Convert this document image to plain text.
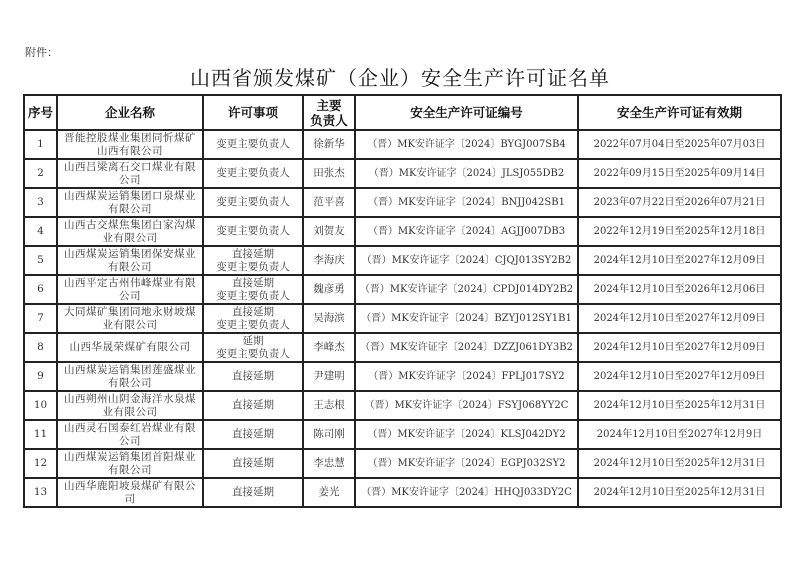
附件：
山西省颁发煤矿（企业）安全生产许可证名单
序号	企业名称	许可事项	主要
负责人	安全生产许可证编号	安全生产许可证有效期
1	晋能控股煤业集团同忻煤矿
山西有限公司	变更主要负责人	徐新华	（晋）MK安许证字〔2024〕BYGJ007SB4	2022年07月04日至2025年07月03日
2	山西吕梁离石交口煤业有限
公司	变更主要负责人	田张杰	（晋）MK安许证字〔2024〕JLSJ055DB2	2022年09月15日至2025年09月14日
3	山西煤炭运销集团口泉煤业
有限公司	变更主要负责人	范平喜	（晋）MK安许证字〔2024〕BNJJ042SB1	2023年07月22日至2026年07月21日
4	山西古交煤焦集团白家沟煤
业有限公司	变更主要负责人	刘贺友	（晋）MK安许证字〔2024〕AGJJ007DB3	2022年12月19日至2025年12月18日
5	山西煤炭运销集团保安煤业
有限公司	直接延期
变更主要负责人	李海庆	（晋）MK安许证字〔2024〕CJQJ013SY2B2	2024年12月10日至2027年12月09日
6	山西平定古州伟峰煤业有限
公司	直接延期
变更主要负责人	魏彦勇	（晋）MK安许证字〔2024〕CPDJ014DY2B2	2024年12月10日至2026年12月06日
7	大同煤矿集团同地永财坡煤
业有限公司	直接延期
变更主要负责人	吴海滨	（晋）MK安许证字〔2024〕BZYJ012SY1B1	2024年12月10日至2027年12月09日
8	山西华晟荣煤矿有限公司	延期
变更主要负责人	李峰杰	（晋）MK安许证字〔2024〕DZZJ061DY3B2	2024年12月10日至2027年12月09日
9	山西煤炭运销集团莲盛煤业
有限公司	直接延期	尹建明	（晋）MK安许证字〔2024〕FPLJ017SY2	2024年12月10日至2027年12月09日
10	山西朔州山阴金海洋水泉煤
业有限公司	直接延期	王志根	（晋）MK安许证字〔2024〕FSYJ068YY2C	2024年12月10日至2025年12月31日
11	山西灵石国泰红岩煤业有限
公司	直接延期	陈司刚	（晋）MK安许证字〔2024〕KLSJ042DY2	2024年12月10日至2027年12月9日
12	山西煤炭运销集团首阳煤业
有限公司	直接延期	李忠慧	（晋）MK安许证字〔2024〕EGPJ032SY2	2024年12月10日至2025年12月31日
13	山西华鹿阳坡泉煤矿有限公
司	直接延期	姜光	（晋）MK安许证字〔2024〕HHQJ033DY2C	2024年12月10日至2025年12月31日
